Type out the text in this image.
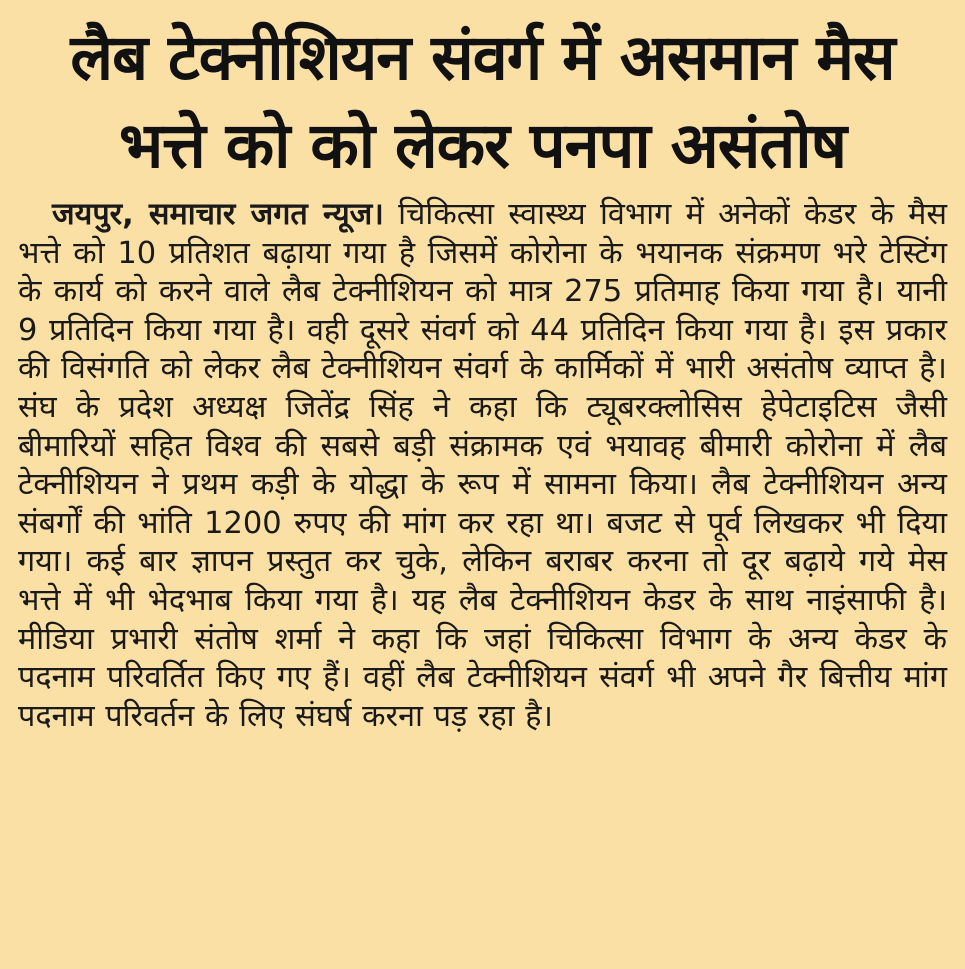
लैब टेक्नीशियन संवर्ग में असमान मैस भत्ते को को लेकर पनपा असंतोष

जयपुर, समाचार जगत न्यूज। चिकित्सा स्वास्थ्य विभाग में अनेकों केडर के मैस भत्ते को 10 प्रतिशत बढ़ाया गया है जिसमें कोरोना के भयानक संक्रमण भरे टेस्टिंग के कार्य को करने वाले लैब टेक्नीशियन को मात्र 275 प्रतिमाह किया गया है। यानी 9 प्रतिदिन किया गया है। वही दूसरे संवर्ग को 44 प्रतिदिन किया गया है। इस प्रकार की विसंगति को लेकर लैब टेक्नीशियन संवर्ग के कार्मिकों में भारी असंतोष व्याप्त है। संघ के प्रदेश अध्यक्ष जितेंद्र सिंह ने कहा कि ट्यूबरक्लोसिस हेपेटाइटिस जैसी बीमारियों सहित विश्व की सबसे बड़ी संक्रामक एवं भयावह बीमारी कोरोना में लैब टेक्नीशियन ने प्रथम कड़ी के योद्धा के रूप में सामना किया। लैब टेक्नीशियन अन्य संबर्गों की भांति 1200 रुपए की मांग कर रहा था। बजट से पूर्व लिखकर भी दिया गया। कई बार ज्ञापन प्रस्तुत कर चुके, लेकिन बराबर करना तो दूर बढ़ाये गये मेस भत्ते में भी भेदभाब किया गया है। यह लैब टेक्नीशियन केडर के साथ नाइंसाफी है। मीडिया प्रभारी संतोष शर्मा ने कहा कि जहां चिकित्सा विभाग के अन्य केडर के पदनाम परिवर्तित किए गए हैं। वहीं लैब टेक्नीशियन संवर्ग भी अपने गैर बित्तीय मांग पदनाम परिवर्तन के लिए संघर्ष करना पड़ रहा है।
